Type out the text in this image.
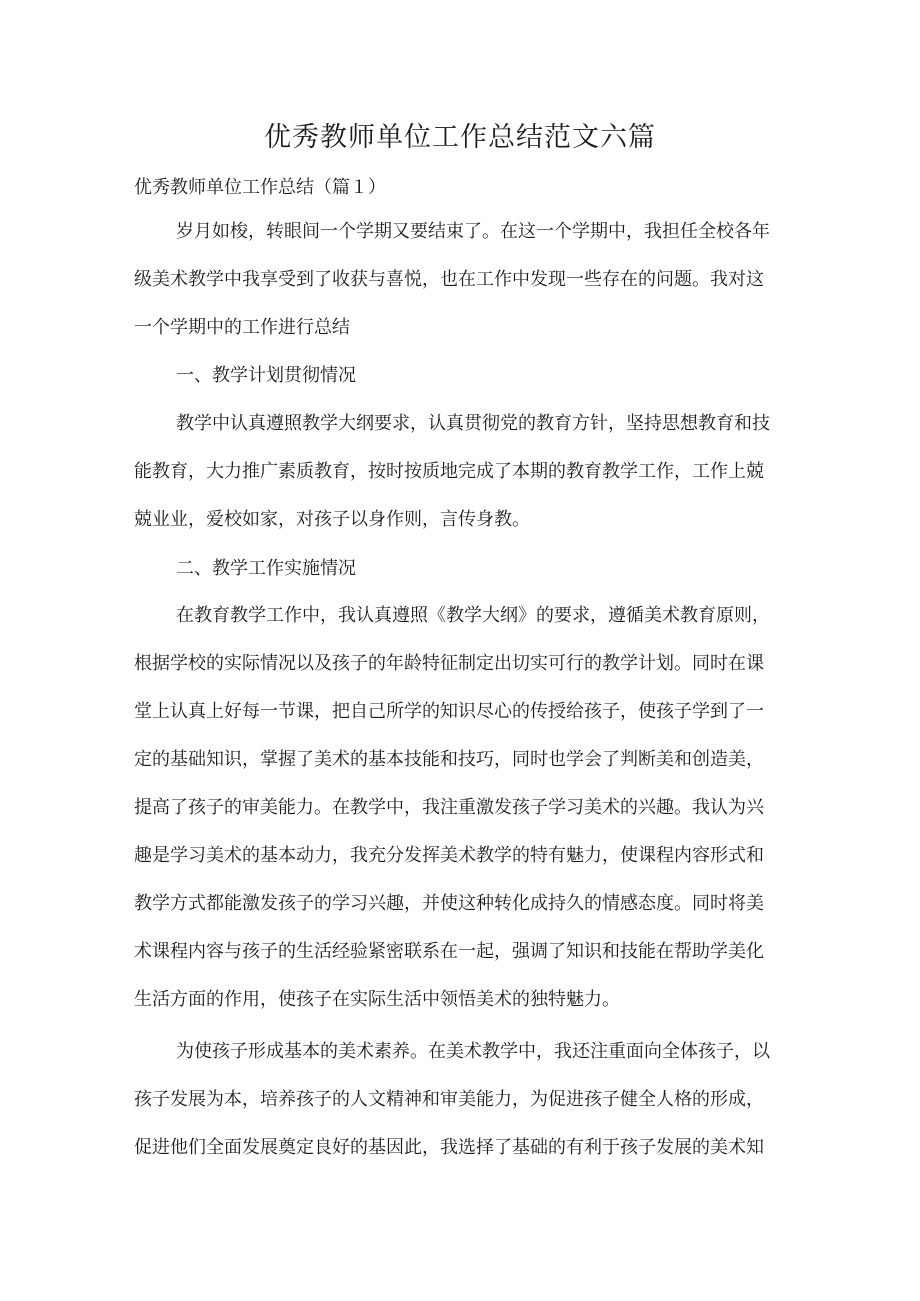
优秀教师单位工作总结范文六篇
优秀教师单位工作总结（篇１）
岁月如梭，转眼间一个学期又要结束了。在这一个学期中，我担任全校各年
级美术教学中我享受到了收获与喜悦，也在工作中发现一些存在的问题。我对这
一个学期中的工作进行总结
一、教学计划贯彻情况
教学中认真遵照教学大纲要求，认真贯彻党的教育方针，坚持思想教育和技
能教育，大力推广素质教育，按时按质地完成了本期的教育教学工作，工作上兢
兢业业，爱校如家，对孩子以身作则，言传身教。
二、教学工作实施情况
在教育教学工作中，我认真遵照《教学大纲》的要求，遵循美术教育原则，
根据学校的实际情况以及孩子的年龄特征制定出切实可行的教学计划。同时在课
堂上认真上好每一节课，把自己所学的知识尽心的传授给孩子，使孩子学到了一
定的基础知识，掌握了美术的基本技能和技巧，同时也学会了判断美和创造美，
提高了孩子的审美能力。在教学中，我注重激发孩子学习美术的兴趣。我认为兴
趣是学习美术的基本动力，我充分发挥美术教学的特有魅力，使课程内容形式和
教学方式都能激发孩子的学习兴趣，并使这种转化成持久的情感态度。同时将美
术课程内容与孩子的生活经验紧密联系在一起，强调了知识和技能在帮助学美化
生活方面的作用，使孩子在实际生活中领悟美术的独特魅力。
为使孩子形成基本的美术素养。在美术教学中，我还注重面向全体孩子，以
孩子发展为本，培养孩子的人文精神和审美能力，为促进孩子健全人格的形成，
促进他们全面发展奠定良好的基因此，我选择了基础的有利于孩子发展的美术知
